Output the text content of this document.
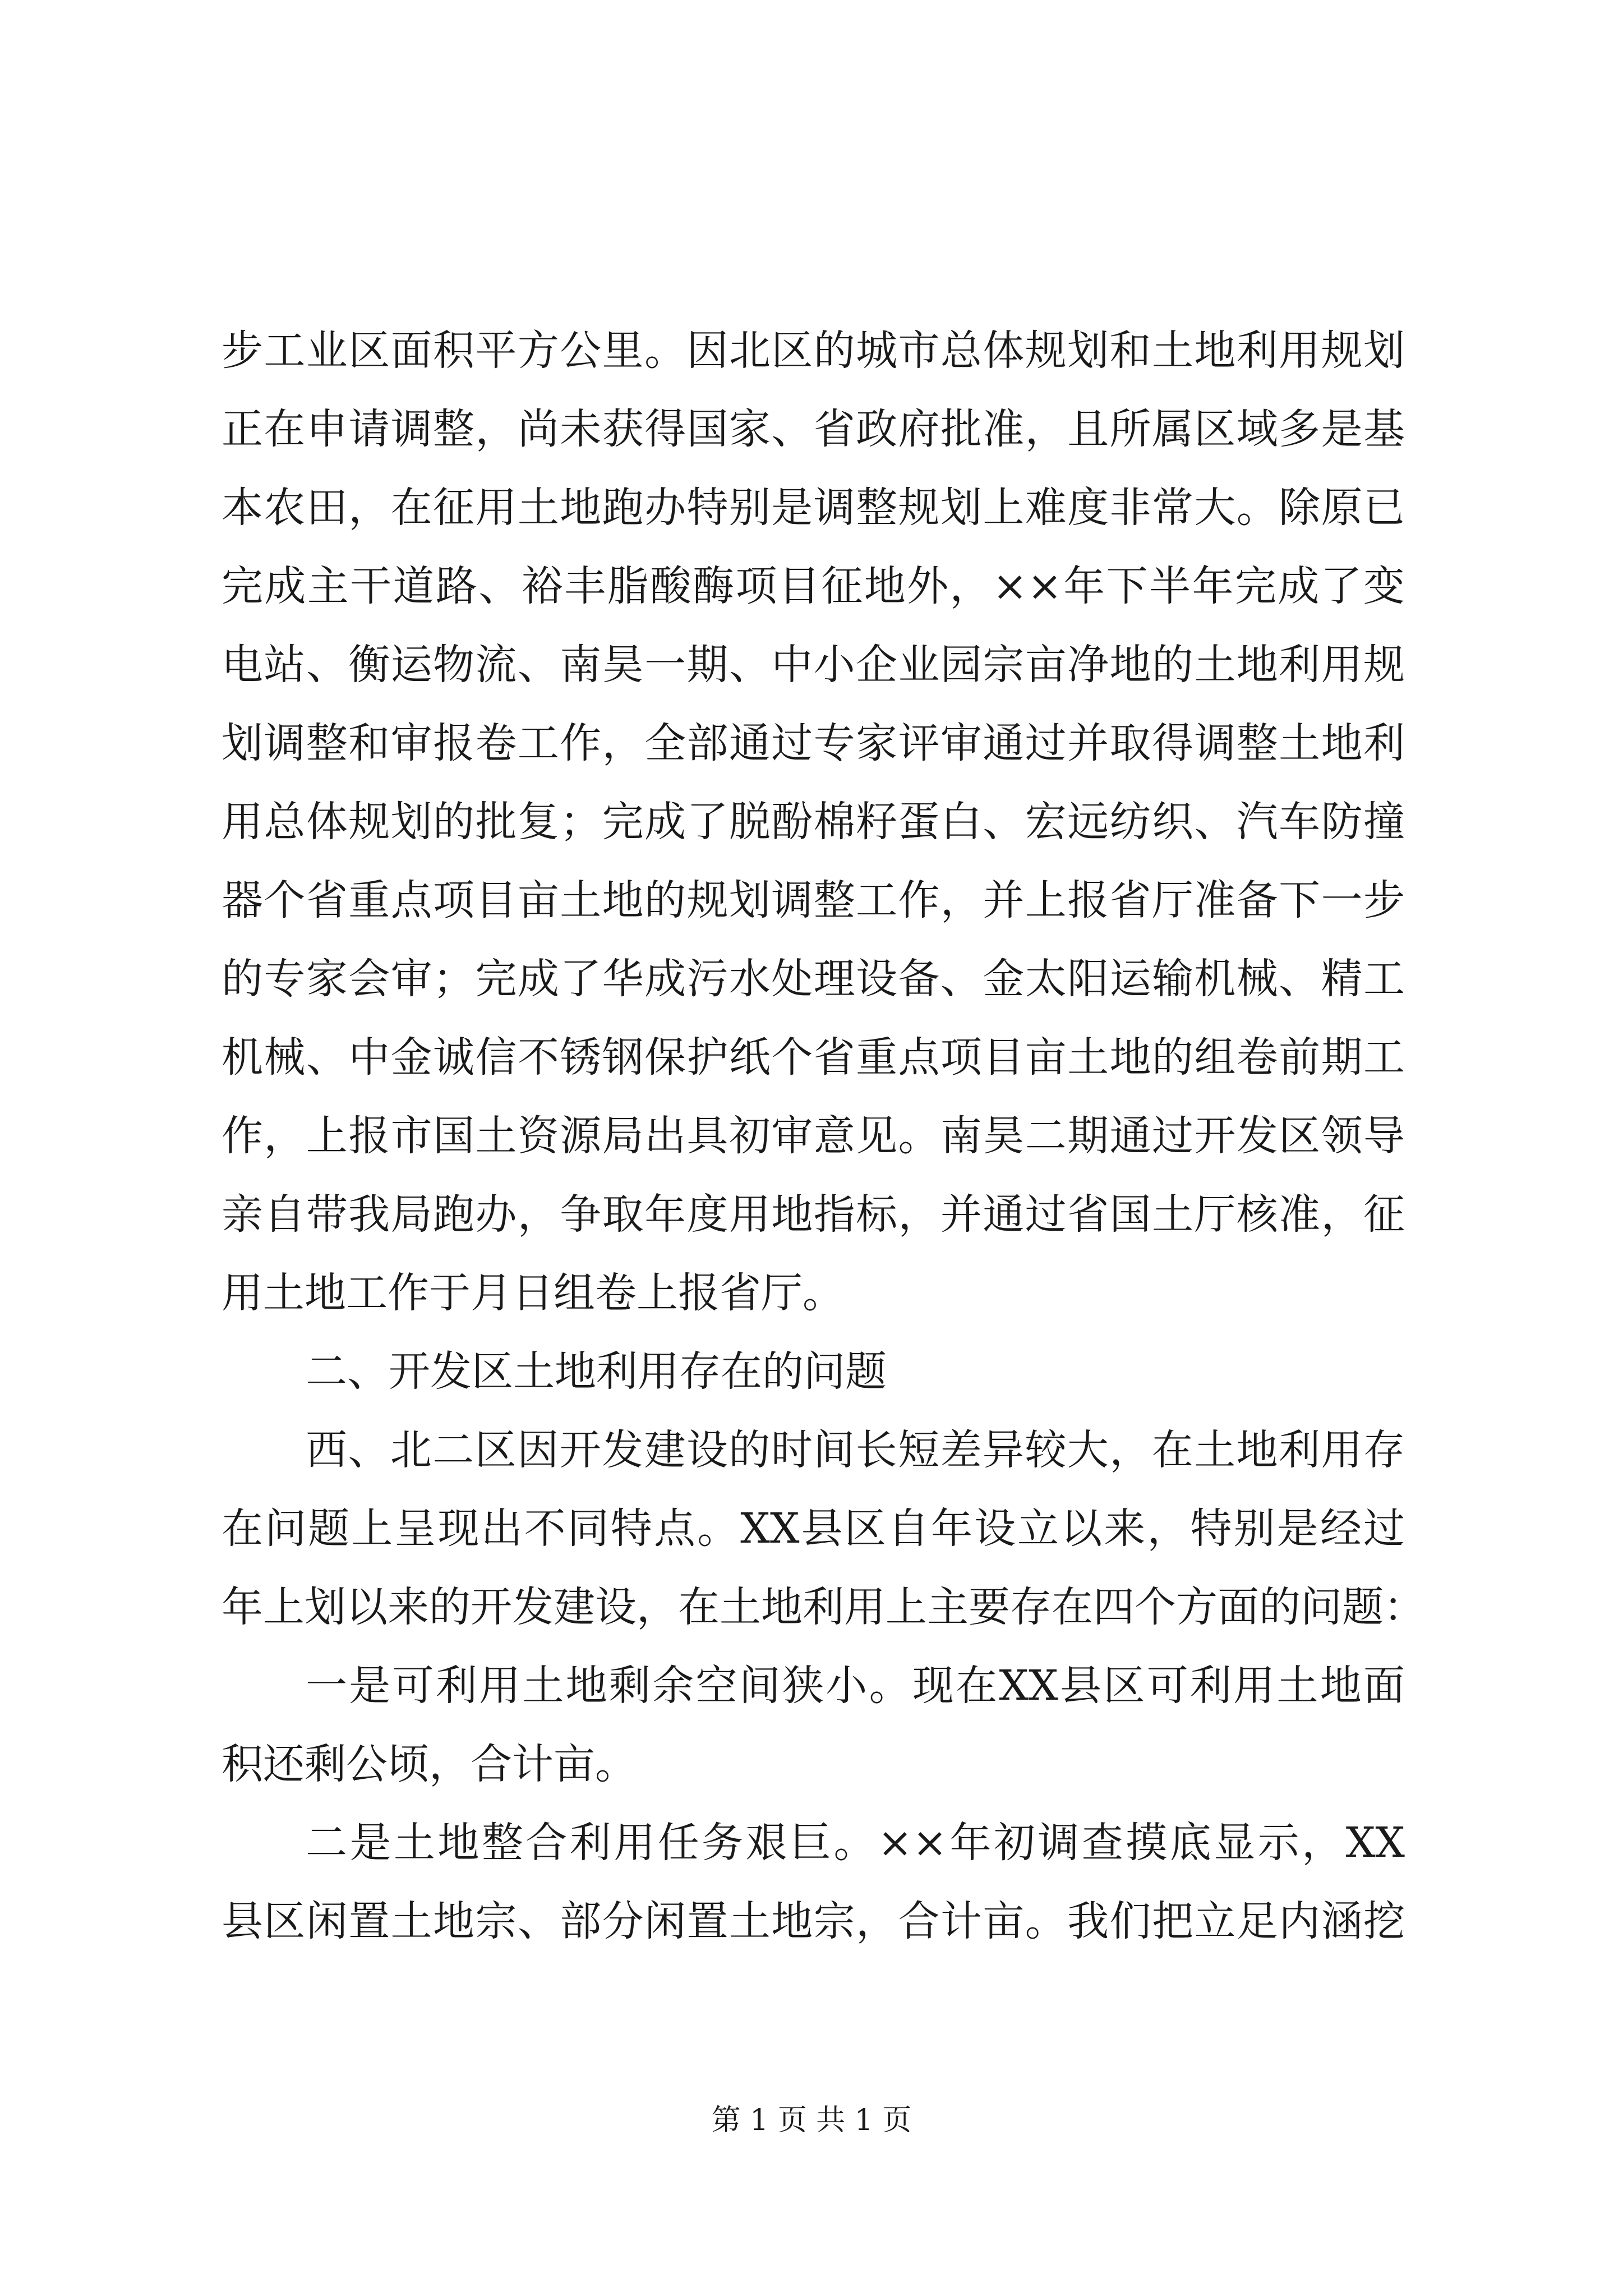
步工业区面积平方公里。因北区的城市总体规划和土地利用规划
正在申请调整，尚未获得国家、省政府批准，且所属区域多是基
本农田，在征用土地跑办特别是调整规划上难度非常大。除原已
完成主干道路、裕丰脂酸酶项目征地外，××年下半年完成了变
电站、衡运物流、南昊一期、中小企业园宗亩净地的土地利用规
划调整和审报卷工作，全部通过专家评审通过并取得调整土地利
用总体规划的批复；完成了脱酚棉籽蛋白、宏远纺织、汽车防撞
器个省重点项目亩土地的规划调整工作，并上报省厅准备下一步
的专家会审；完成了华成污水处理设备、金太阳运输机械、精工
机械、中金诚信不锈钢保护纸个省重点项目亩土地的组卷前期工
作，上报市国土资源局出具初审意见。南昊二期通过开发区领导
亲自带我局跑办，争取年度用地指标，并通过省国土厅核准，征
用土地工作于月日组卷上报省厅。
二、开发区土地利用存在的问题
西、北二区因开发建设的时间长短差异较大，在土地利用存
在问题上呈现出不同特点。XX县区自年设立以来，特别是经过
年上划以来的开发建设，在土地利用上主要存在四个方面的问题：
一是可利用土地剩余空间狭小。现在XX县区可利用土地面
积还剩公顷，合计亩。
二是土地整合利用任务艰巨。××年初调查摸底显示，XX
县区闲置土地宗、部分闲置土地宗，合计亩。我们把立足内涵挖
第 1 页 共 1 页
